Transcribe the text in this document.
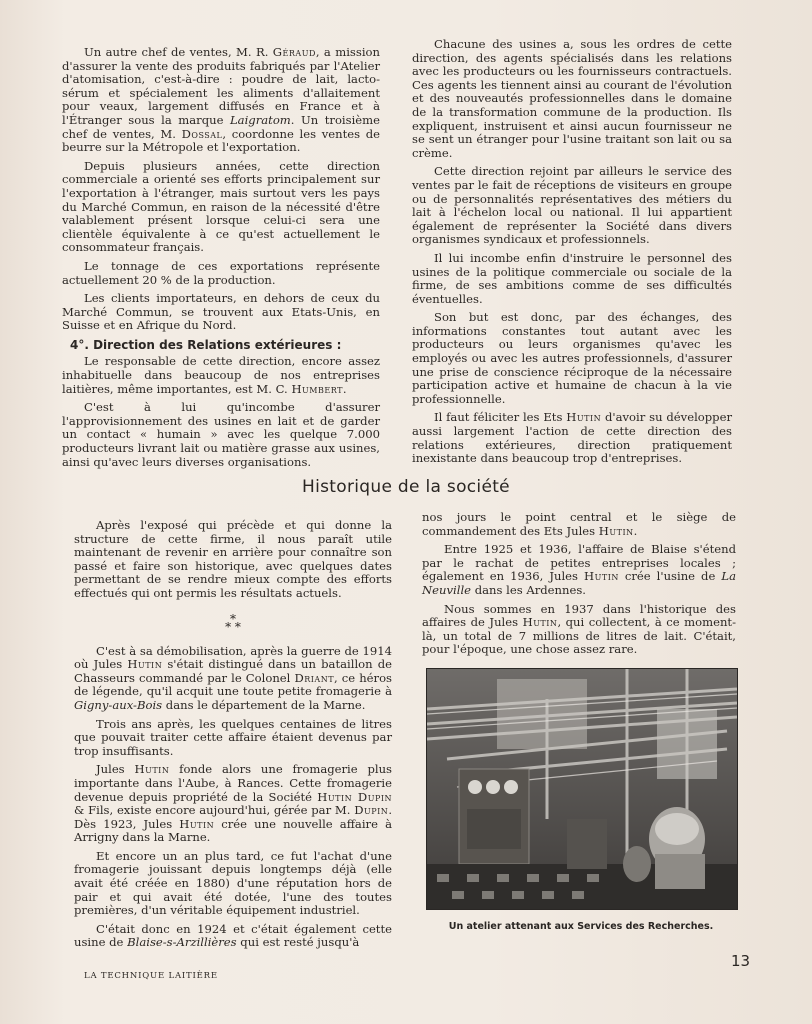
Un autre chef de ventes, M. R. Géraud, a mission d'assurer la vente des produits fabriqués par l'Atelier d'atomisation, c'est-à-dire : poudre de lait, lacto-sérum et spécialement les aliments d'allaitement pour veaux, largement diffusés en France et à l'Étranger sous la marque Laigratom. Un troisième chef de ventes, M. Dossal, coordonne les ventes de beurre sur la Métropole et l'exportation.

Depuis plusieurs années, cette direction commerciale a orienté ses efforts principalement sur l'exportation à l'étranger, mais surtout vers les pays du Marché Commun, en raison de la nécessité d'être valablement présent lorsque celui-ci sera une clientèle équivalente à ce qu'est actuellement le consommateur français.

Le tonnage de ces exportations représente actuellement 20 % de la production.

Les clients importateurs, en dehors de ceux du Marché Commun, se trouvent aux Etats-Unis, en Suisse et en Afrique du Nord.

4°. Direction des Relations extérieures :

Le responsable de cette direction, encore assez inhabituelle dans beaucoup de nos entreprises laitières, même importantes, est M. C. Humbert.

C'est à lui qu'incombe d'assurer l'approvisionnement des usines en lait et de garder un contact « humain » avec les quelque 7.000 producteurs livrant lait ou matière grasse aux usines, ainsi qu'avec leurs diverses organisations.

Chacune des usines a, sous les ordres de cette direction, des agents spécialisés dans les relations avec les producteurs ou les fournisseurs contractuels. Ces agents les tiennent ainsi au courant de l'évolution et des nouveautés professionnelles dans le domaine de la transformation commune de la production. Ils expliquent, instruisent et ainsi aucun fournisseur ne se sent un étranger pour l'usine traitant son lait ou sa crème.

Cette direction rejoint par ailleurs le service des ventes par le fait de réceptions de visiteurs en groupe ou de personnalités représentatives des métiers du lait à l'échelon local ou national. Il lui appartient également de représenter la Société dans divers organismes syndicaux et professionnels.

Il lui incombe enfin d'instruire le personnel des usines de la politique commerciale ou sociale de la firme, de ses ambitions comme de ses difficultés éventuelles.

Son but est donc, par des échanges, des informations constantes tout autant avec les producteurs ou leurs organismes qu'avec les employés ou avec les autres professionnels, d'assurer une prise de conscience réciproque de la nécessaire participation active et humaine de chacun à la vie professionnelle.

Il faut féliciter les Ets Hutin d'avoir su développer aussi largement l'action de cette direction des relations extérieures, direction pratiquement inexistante dans beaucoup trop d'entreprises.

Historique de la société

Après l'exposé qui précède et qui donne la structure de cette firme, il nous paraît utile maintenant de revenir en arrière pour connaître son passé et faire son historique, avec quelques dates permettant de se rendre mieux compte des efforts effectués qui ont permis les résultats actuels.

*
* *

C'est à sa démobilisation, après la guerre de 1914 où Jules Hutin s'était distingué dans un bataillon de Chasseurs commandé par le Colonel Driant, ce héros de légende, qu'il acquit une toute petite fromagerie à Gigny-aux-Bois dans le département de la Marne.

Trois ans après, les quelques centaines de litres que pouvait traiter cette affaire étaient devenus par trop insuffisants.

Jules Hutin fonde alors une fromagerie plus importante dans l'Aube, à Rances. Cette fromagerie devenue depuis propriété de la Société Hutin Dupin & Fils, existe encore aujourd'hui, gérée par M. Dupin. Dès 1923, Jules Hutin crée une nouvelle affaire à Arrigny dans la Marne.

Et encore un an plus tard, ce fut l'achat d'une fromagerie jouissant depuis longtemps déjà (elle avait été créée en 1880) d'une réputation hors de pair et qui avait été dotée, l'une des toutes premières, d'un véritable équipement industriel.

C'était donc en 1924 et c'était également cette usine de Blaise-s-Arzillières qui est resté jusqu'à

nos jours le point central et le siège de commandement des Ets Jules Hutin.

Entre 1925 et 1936, l'affaire de Blaise s'étend par le rachat de petites entreprises locales ; également en 1936, Jules Hutin crée l'usine de La Neuville dans les Ardennes.

Nous sommes en 1937 dans l'historique des affaires de Jules Hutin, qui collectent, à ce moment-là, un total de 7 millions de litres de lait. C'était, pour l'époque, une chose assez rare.

Un atelier attenant aux Services des Recherches.
LA TECHNIQUE LAITIÈRE
13
